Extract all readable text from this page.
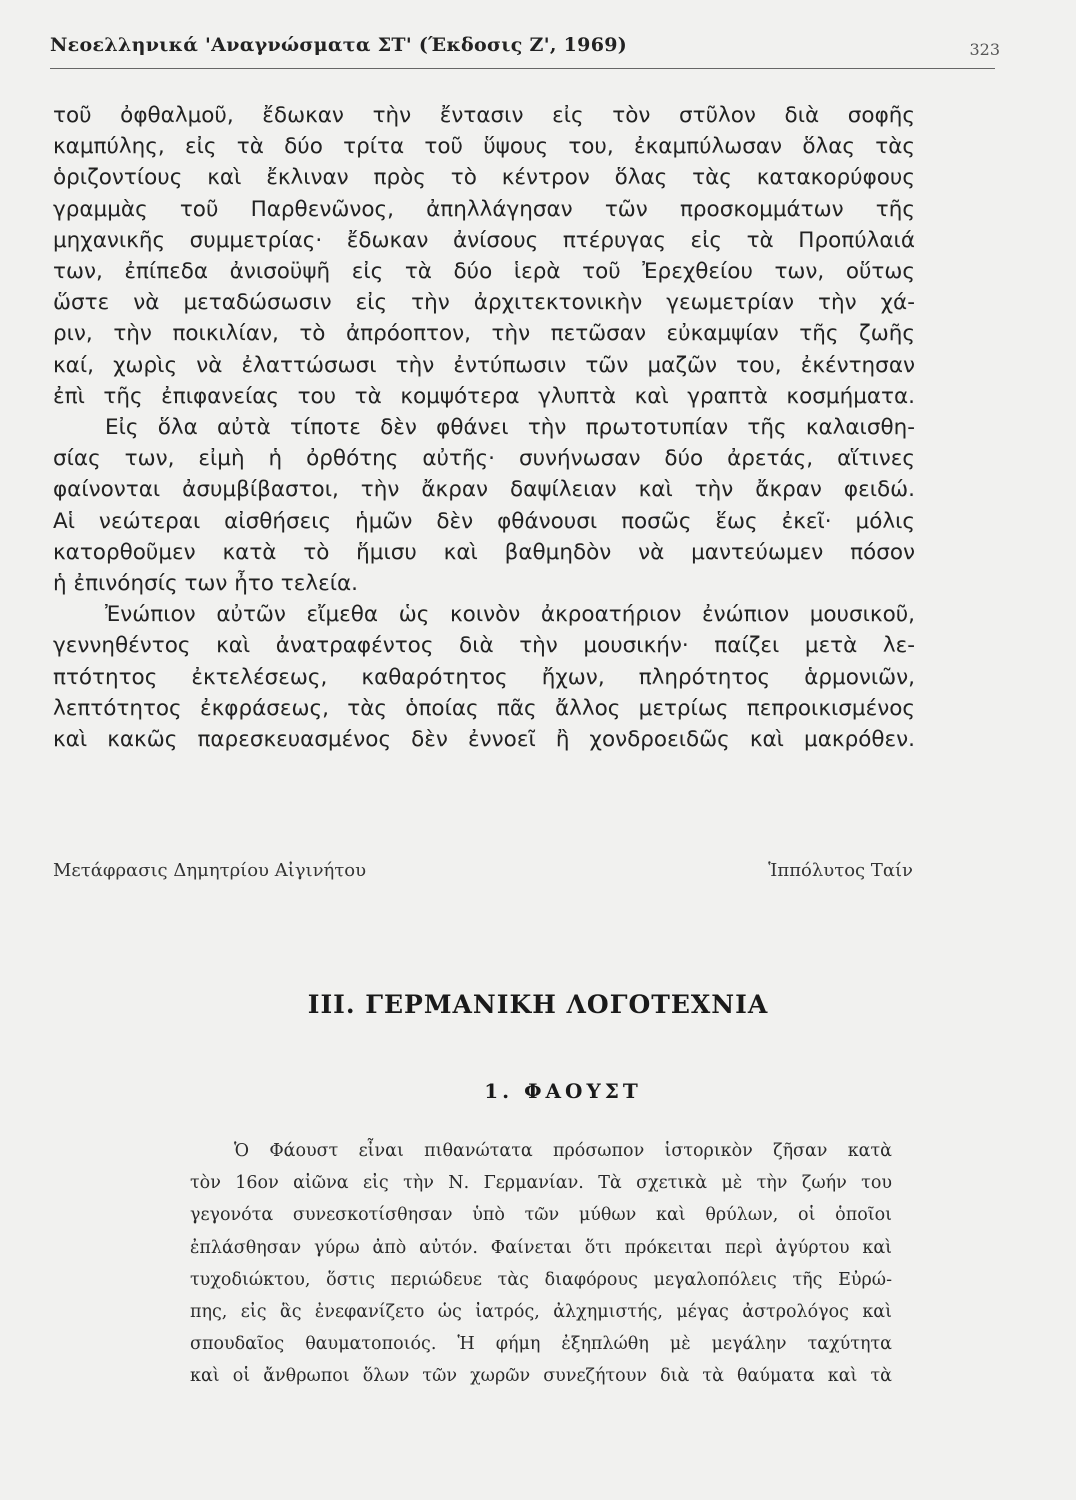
Νεοελληνικά 'Αναγνώσματα ΣΤ' (Έκδοσις Ζ', 1969)	323

τοῦ ὀφθαλμοῦ, ἔδωκαν τὴν ἔντασιν εἰς τὸν στῦλον διὰ σοφῆς
καμπύλης, εἰς τὰ δύο τρίτα τοῦ ὕψους του, ἐκαμπύλωσαν ὅλας τὰς
ὁριζοντίους καὶ ἔκλιναν πρὸς τὸ κέντρον ὅλας τὰς κατακορύφους
γραμμὰς τοῦ Παρθενῶνος, ἀπηλλάγησαν τῶν προσκομμάτων τῆς
μηχανικῆς συμμετρίας· ἔδωκαν ἀνίσους πτέρυγας εἰς τὰ Προπύλαιά
των, ἐπίπεδα ἀνισοϋψῆ εἰς τὰ δύο ἱερὰ τοῦ Ἐρεχθείου των, οὕτως
ὥστε νὰ μεταδώσωσιν εἰς τὴν ἀρχιτεκτονικὴν γεωμετρίαν τὴν χά-
ριν, τὴν ποικιλίαν, τὸ ἀπρόοπτον, τὴν πετῶσαν εὐκαμψίαν τῆς ζωῆς
καί, χωρὶς νὰ ἐλαττώσωσι τὴν ἐντύπωσιν τῶν μαζῶν του, ἐκέντησαν
ἐπὶ τῆς ἐπιφανείας του τὰ κομψότερα γλυπτὰ καὶ γραπτὰ κοσμήματα.

Εἰς ὅλα αὐτὰ τίποτε δὲν φθάνει τὴν πρωτοτυπίαν τῆς καλαισθη-
σίας των, εἰμὴ ἡ ὀρθότης αὐτῆς· συνήνωσαν δύο ἀρετάς, αἵτινες
φαίνονται ἀσυμβίβαστοι, τὴν ἄκραν δαψίλειαν καὶ τὴν ἄκραν φειδώ.
Αἱ νεώτεραι αἰσθήσεις ἡμῶν δὲν φθάνουσι ποσῶς ἕως ἐκεῖ· μόλις
κατορθοῦμεν κατὰ τὸ ἥμισυ καὶ βαθμηδὸν νὰ μαντεύωμεν πόσον
ἡ ἐπινόησίς των ἦτο τελεία.

Ἐνώπιον αὐτῶν εἴμεθα ὡς κοινὸν ἀκροατήριον ἐνώπιον μουσικοῦ,
γεννηθέντος καὶ ἀνατραφέντος διὰ τὴν μουσικήν· παίζει μετὰ λε-
πτότητος ἐκτελέσεως, καθαρότητος ἤχων, πληρότητος ἁρμονιῶν,
λεπτότητος ἐκφράσεως, τὰς ὁποίας πᾶς ἄλλος μετρίως πεπροικισμένος
καὶ κακῶς παρεσκευασμένος δὲν ἐννοεῖ ἢ χονδροειδῶς καὶ μακρόθεν.

Μετάφρασις Δημητρίου Αἰγινήτου	Ἱππόλυτος Ταίν
ΙΙΙ. ΓΕΡΜΑΝΙΚΗ ΛΟΓΟΤΕΧΝΙΑ
1. ΦΑΟΥΣΤ
Ὁ Φάουστ εἶναι πιθανώτατα πρόσωπον ἱστορικὸν ζῆσαν κατὰ
τὸν 16ον αἰῶνα εἰς τὴν Ν. Γερμανίαν. Τὰ σχετικὰ μὲ τὴν ζωήν του
γεγονότα συνεσκοτίσθησαν ὑπὸ τῶν μύθων καὶ θρύλων, οἱ ὁποῖοι
ἐπλάσθησαν γύρω ἀπὸ αὐτόν. Φαίνεται ὅτι πρόκειται περὶ ἀγύρτου καὶ
τυχοδιώκτου, ὅστις περιώδευε τὰς διαφόρους μεγαλοπόλεις τῆς Εὐρώ-
πης, εἰς ἃς ἐνεφανίζετο ὡς ἰατρός, ἀλχημιστής, μέγας ἀστρολόγος καὶ
σπουδαῖος θαυματοποιός. Ἡ φήμη ἐξηπλώθη μὲ μεγάλην ταχύτητα
καὶ οἱ ἄνθρωποι ὅλων τῶν χωρῶν συνεζήτουν διὰ τὰ θαύματα καὶ τὰ
